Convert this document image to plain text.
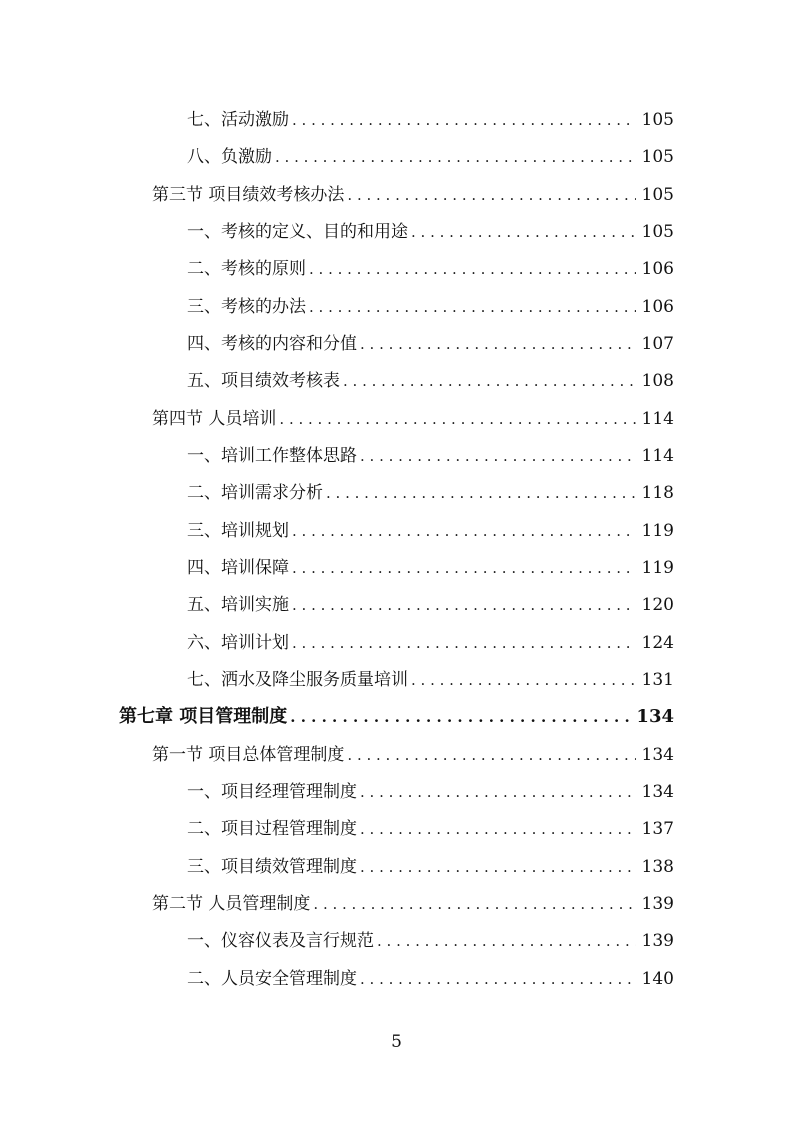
七、活动激励 . . .	105
八、负激励 . . .	105
第三节 项目绩效考核办法 . . .	105
一、考核的定义、目的和用途 . . .	105
二、考核的原则 . . .	106
三、考核的办法 . . .	106
四、考核的内容和分值 . . .	107
五、项目绩效考核表 . . .	108
第四节 人员培训 . . .	114
一、培训工作整体思路 . . .	114
二、培训需求分析 . . .	118
三、培训规划 . . .	119
四、培训保障 . . .	119
五、培训实施 . . .	120
六、培训计划 . . .	124
七、洒水及降尘服务质量培训 . . .	131
第七章 项目管理制度 . . .	134
第一节 项目总体管理制度 . . .	134
一、项目经理管理制度 . . .	134
二、项目过程管理制度 . . .	137
三、项目绩效管理制度 . . .	138
第二节 人员管理制度 . . .	139
一、仪容仪表及言行规范 . . .	139
二、人员安全管理制度 . . .	140
5
